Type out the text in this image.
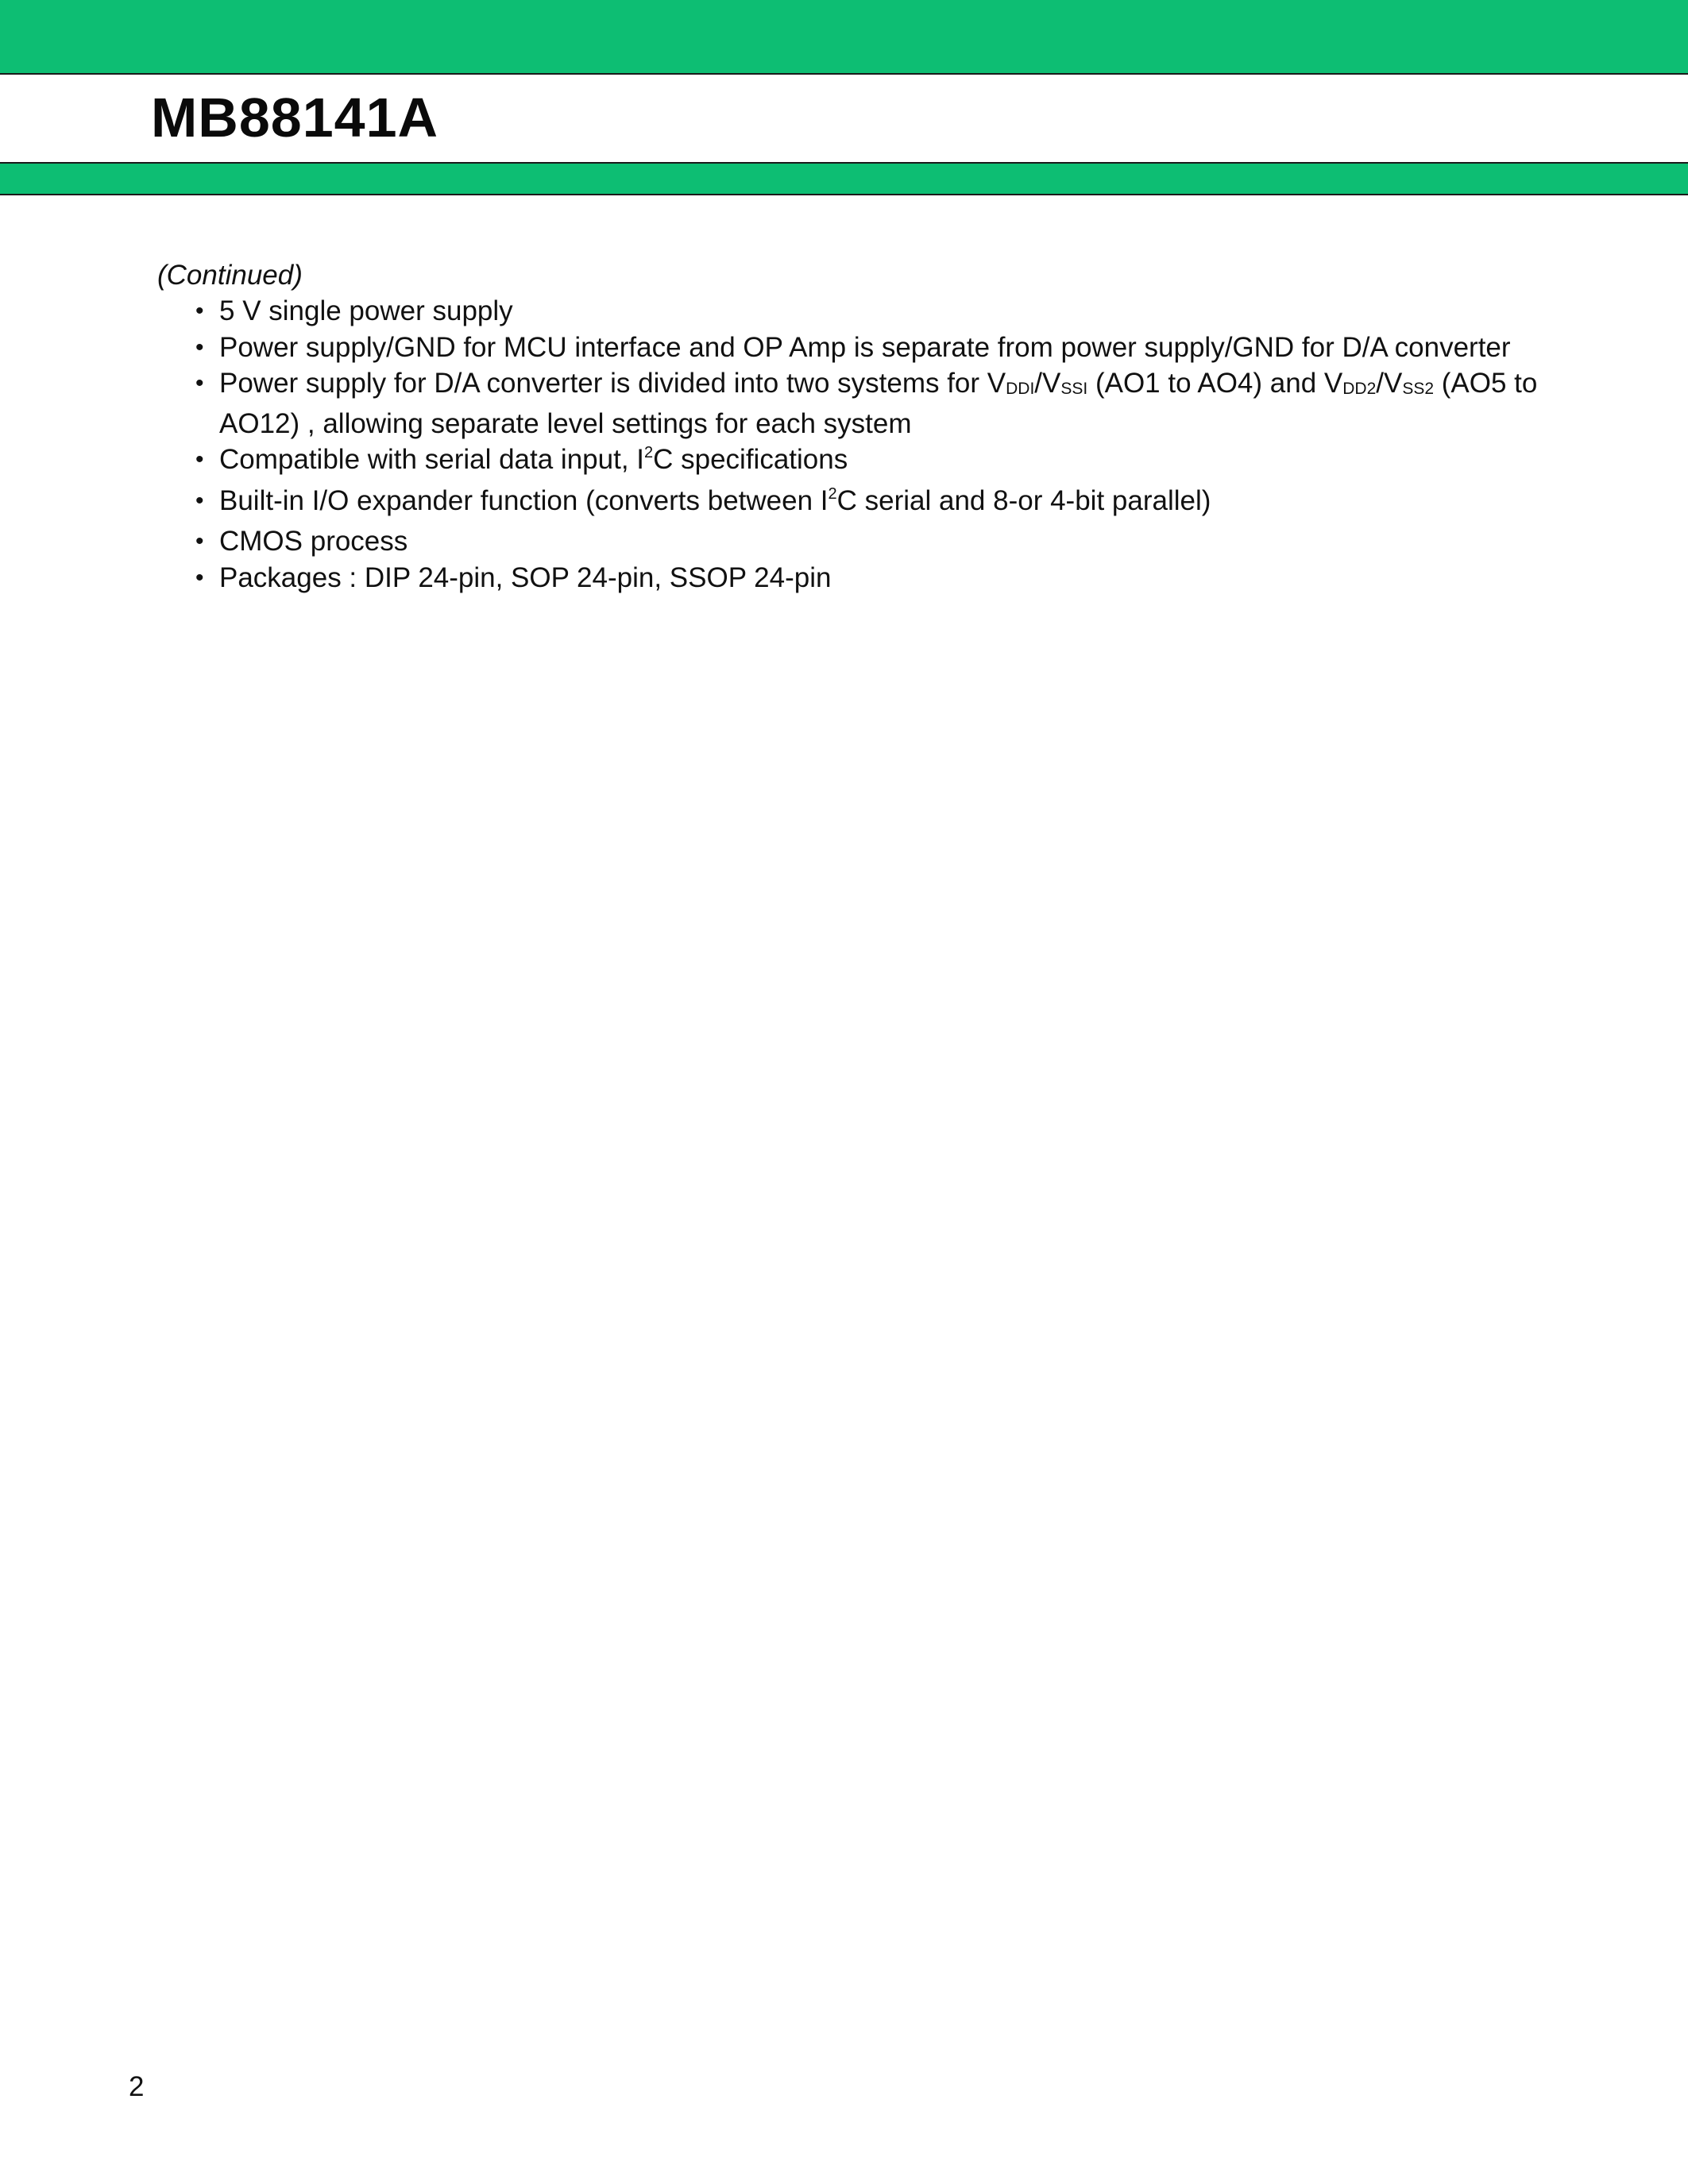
MB88141A

(Continued)

• 5 V single power supply
• Power supply/GND for MCU interface and OP Amp is separate from power supply/GND for D/A converter
• Power supply for D/A converter is divided into two systems for VDDI/VSSI (AO1 to AO4) and VDD2/VSS2 (AO5 to AO12) , allowing separate level settings for each system
• Compatible with serial data input, $I^2C$ specifications
• Built-in I/O expander function (converts between $I^2C$ serial and 8-or 4-bit parallel)
• CMOS process
• Packages : DIP 24-pin, SOP 24-pin, SSOP 24-pin
2
